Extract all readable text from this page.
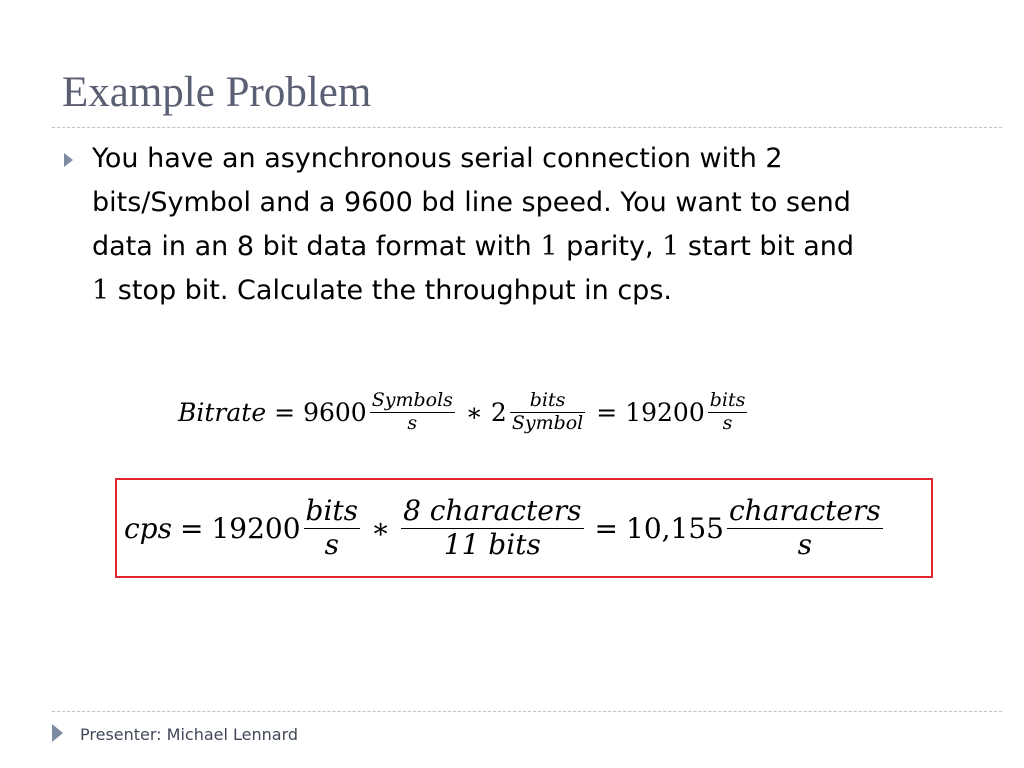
Example Problem
You have an asynchronous serial connection with 2
bits/Symbol and a 9600 bd line speed. You want to send
data in an 8 bit data format with 1 parity, 1 start bit and
1 stop bit. Calculate the throughput in cps.
Bitrate = $9600 \frac{\text{Symbols}}{s}$ ∗ $2 \frac{\text{bits}}{\text{Symbol}} = 19200 \frac{\text{bits}}{s}$
cps = $19200 \frac{\text{bits}}{s}$ ∗ $\frac{\text{8 characters}}{\text{11 bits}} = 10,155 \frac{\text{characters}}{s}$
Presenter: Michael Lennard
